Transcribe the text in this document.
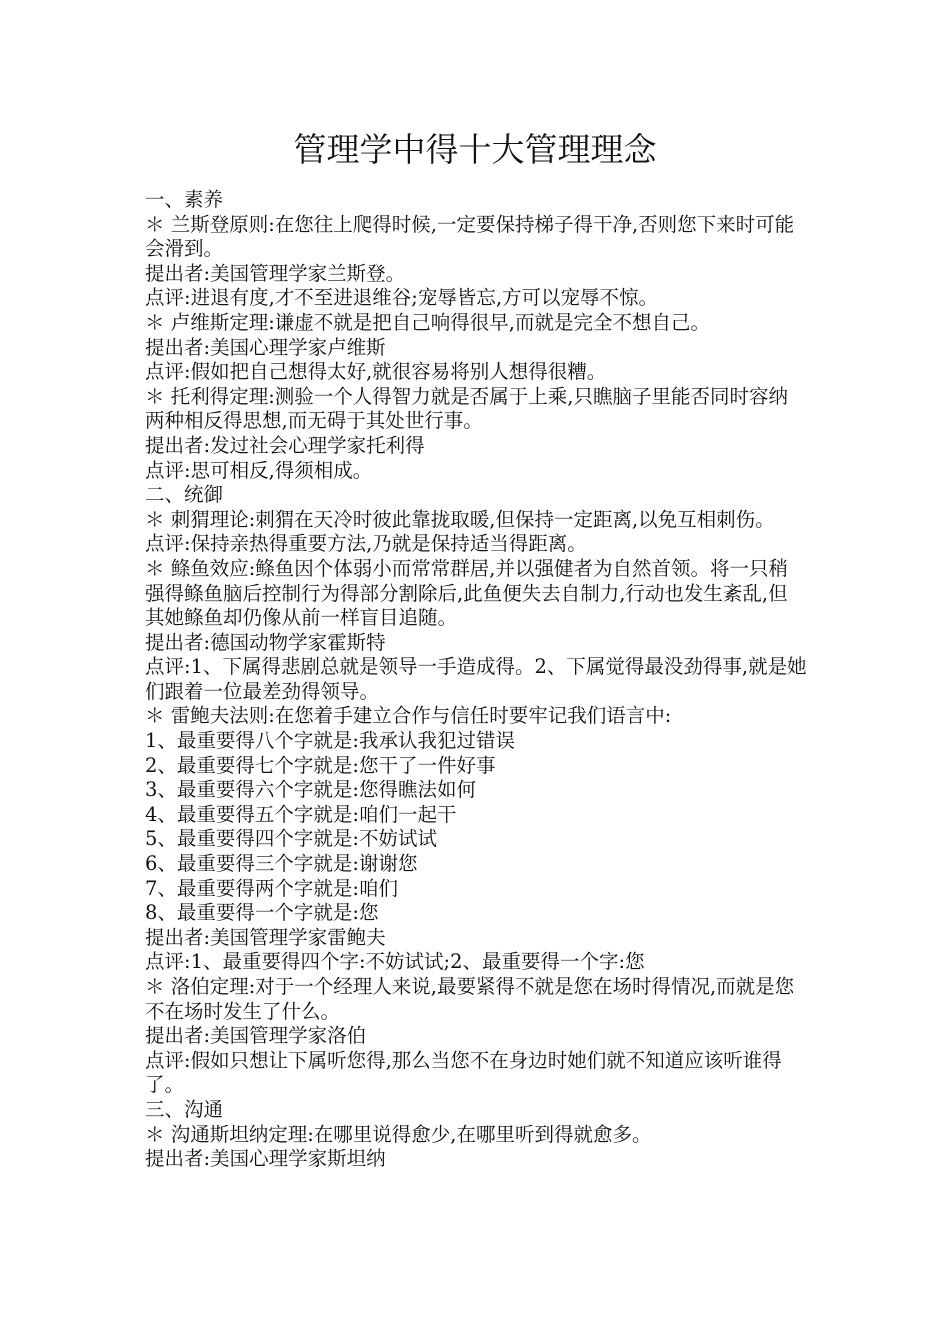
管理学中得十大管理理念

一、素养

＊ 兰斯登原则:在您往上爬得时候,一定要保持梯子得干净,否则您下来时可能会滑到。

提出者:美国管理学家兰斯登。

点评:进退有度,才不至进退维谷;宠辱皆忘,方可以宠辱不惊。

＊ 卢维斯定理:谦虚不就是把自己响得很早,而就是完全不想自己。

提出者:美国心理学家卢维斯

点评:假如把自己想得太好,就很容易将别人想得很糟。

＊ 托利得定理:测验一个人得智力就是否属于上乘,只瞧脑子里能否同时容纳两种相反得思想,而无碍于其处世行事。

提出者:发过社会心理学家托利得

点评:思可相反,得须相成。

二、统御

＊ 刺猬理论:刺猬在天冷时彼此靠拢取暖,但保持一定距离,以免互相刺伤。

点评:保持亲热得重要方法,乃就是保持适当得距离。

＊ 鲦鱼效应:鲦鱼因个体弱小而常常群居,并以强健者为自然首领。将一只稍强得鲦鱼脑后控制行为得部分割除后,此鱼便失去自制力,行动也发生紊乱,但其她鲦鱼却仍像从前一样盲目追随。

提出者:德国动物学家霍斯特

点评:1、下属得悲剧总就是领导一手造成得。2、下属觉得最没劲得事,就是她们跟着一位最差劲得领导。

＊ 雷鲍夫法则:在您着手建立合作与信任时要牢记我们语言中:

1、最重要得八个字就是:我承认我犯过错误

2、最重要得七个字就是:您干了一件好事

3、最重要得六个字就是:您得瞧法如何

4、最重要得五个字就是:咱们一起干

5、最重要得四个字就是:不妨试试

6、最重要得三个字就是:谢谢您

7、最重要得两个字就是:咱们

8、最重要得一个字就是:您

提出者:美国管理学家雷鲍夫

点评:1、最重要得四个字:不妨试试;2、最重要得一个字:您

＊ 洛伯定理:对于一个经理人来说,最要紧得不就是您在场时得情况,而就是您不在场时发生了什么。

提出者:美国管理学家洛伯

点评:假如只想让下属听您得,那么当您不在身边时她们就不知道应该听谁得了。

三、沟通

＊ 沟通斯坦纳定理:在哪里说得愈少,在哪里听到得就愈多。

提出者:美国心理学家斯坦纳
